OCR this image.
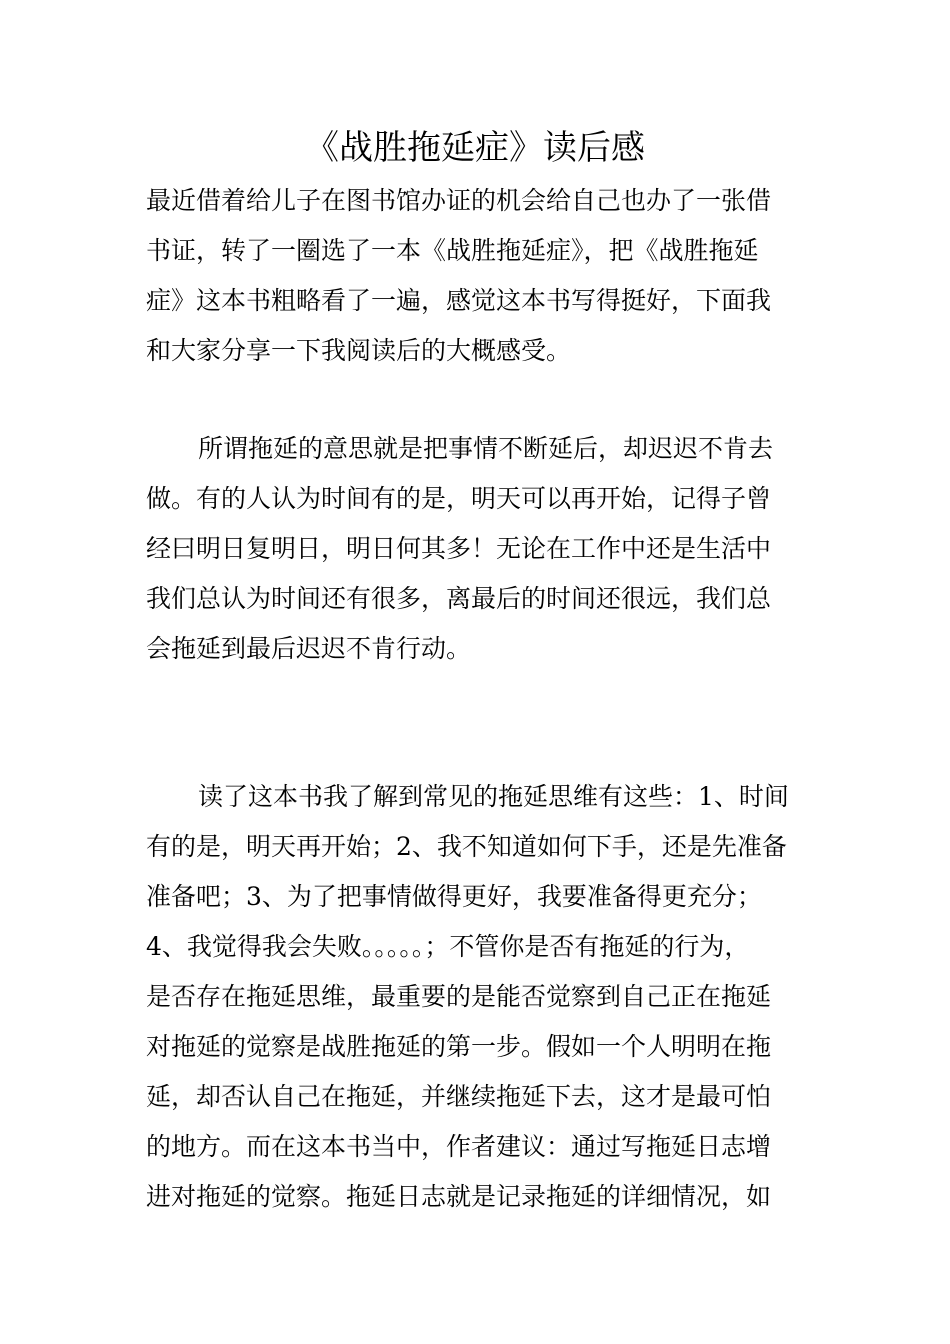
《战胜拖延症》读后感
最近借着给儿子在图书馆办证的机会给自己也办了一张借
书证，转了一圈选了一本《战胜拖延症》，把《战胜拖延
症》这本书粗略看了一遍，感觉这本书写得挺好，下面我
和大家分享一下我阅读后的大概感受。
所谓拖延的意思就是把事情不断延后，却迟迟不肯去
做。有的人认为时间有的是，明天可以再开始，记得子曾
经曰明日复明日，明日何其多！无论在工作中还是生活中
我们总认为时间还有很多，离最后的时间还很远，我们总
会拖延到最后迟迟不肯行动。
读了这本书我了解到常见的拖延思维有这些：1、时间
有的是，明天再开始；2、我不知道如何下手，还是先准备
准备吧；3、为了把事情做得更好，我要准备得更充分；
4、我觉得我会失败。。。。。；不管你是否有拖延的行为，
是否存在拖延思维，最重要的是能否觉察到自己正在拖延
对拖延的觉察是战胜拖延的第一步。假如一个人明明在拖
延，却否认自己在拖延，并继续拖延下去，这才是最可怕
的地方。而在这本书当中，作者建议：通过写拖延日志增
进对拖延的觉察。拖延日志就是记录拖延的详细情况，如
